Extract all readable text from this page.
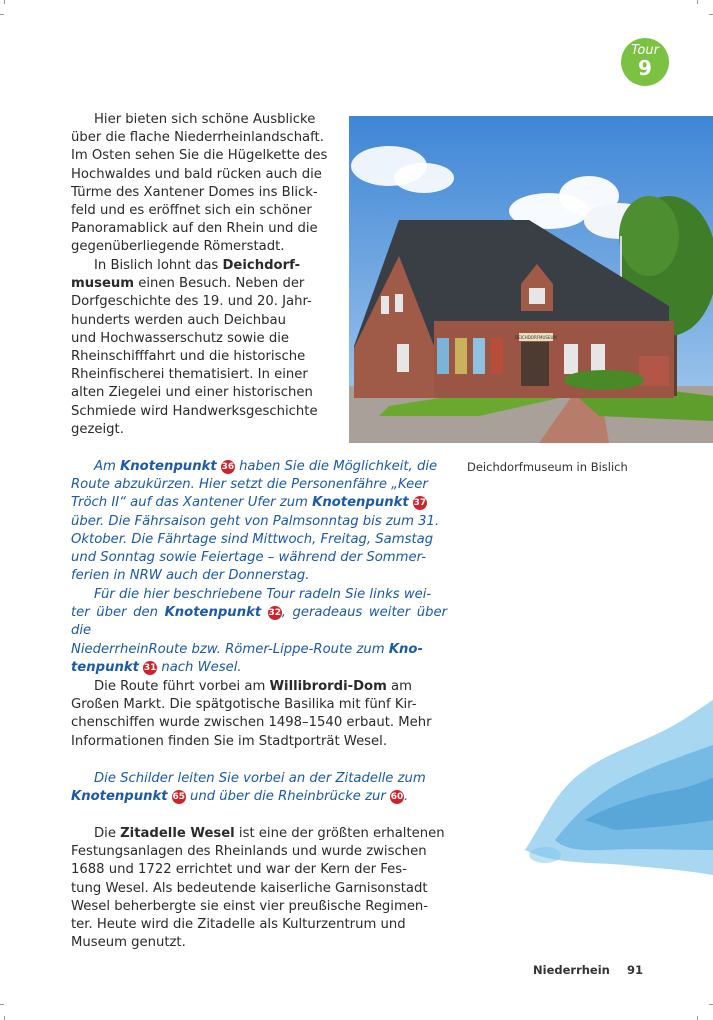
Tour
9
DEICHDORFMUSEUM
Deichdorfmuseum in Bislich

Hier bieten sich schöne Ausblicke
über die flache Niederrheinlandschaft.
Im Osten sehen Sie die Hügelkette des
Hochwaldes und bald rücken auch die
Türme des Xantener Domes ins Blick-
feld und es eröffnet sich ein schöner
Panoramablick auf den Rhein und die
gegenüberliegende Römerstadt.

In Bislich lohnt das Deichdorf-
museum einen Besuch. Neben der
Dorfgeschichte des 19. und 20. Jahr-
hunderts werden auch Deichbau
und Hochwasserschutz sowie die
Rheinschifffahrt und die historische
Rheinfischerei thematisiert. In einer
alten Ziegelei und einer historischen
Schmiede wird Handwerksgeschichte
gezeigt.

Am Knotenpunkt 36 haben Sie die Möglichkeit, die
Route abzukürzen. Hier setzt die Personenfähre „Keer
Tröch II“ auf das Xantener Ufer zum Knotenpunkt 37
über. Die Fährsaison geht von Palmsonntag bis zum 31.
Oktober. Die Fährtage sind Mittwoch, Freitag, Samstag
und Sonntag sowie Feiertage – während der Sommer-
ferien in NRW auch der Donnerstag.

Für die hier beschriebene Tour radeln Sie links wei-
ter über den Knotenpunkt 32, geradeaus weiter über die
NiederrheinRoute bzw. Römer-Lippe-Route zum Kno-
tenpunkt 31 nach Wesel.

Die Route führt vorbei am Willibrordi-Dom am
Großen Markt. Die spätgotische Basilika mit fünf Kir-
chenschiffen wurde zwischen 1498–1540 erbaut. Mehr
Informationen finden Sie im Stadtporträt Wesel.

Die Schilder leiten Sie vorbei an der Zitadelle zum
Knotenpunkt 65 und über die Rheinbrücke zur 60.

Die Zitadelle Wesel ist eine der größten erhaltenen
Festungsanlagen des Rheinlands und wurde zwischen
1688 und 1722 errichtet und war der Kern der Fes-
tung Wesel. Als bedeutende kaiserliche Garnisonstadt
Wesel beherbergte sie einst vier preußische Regimen-
ter. Heute wird die Zitadelle als Kulturzentrum und
Museum genutzt.

Niederrhein 91
